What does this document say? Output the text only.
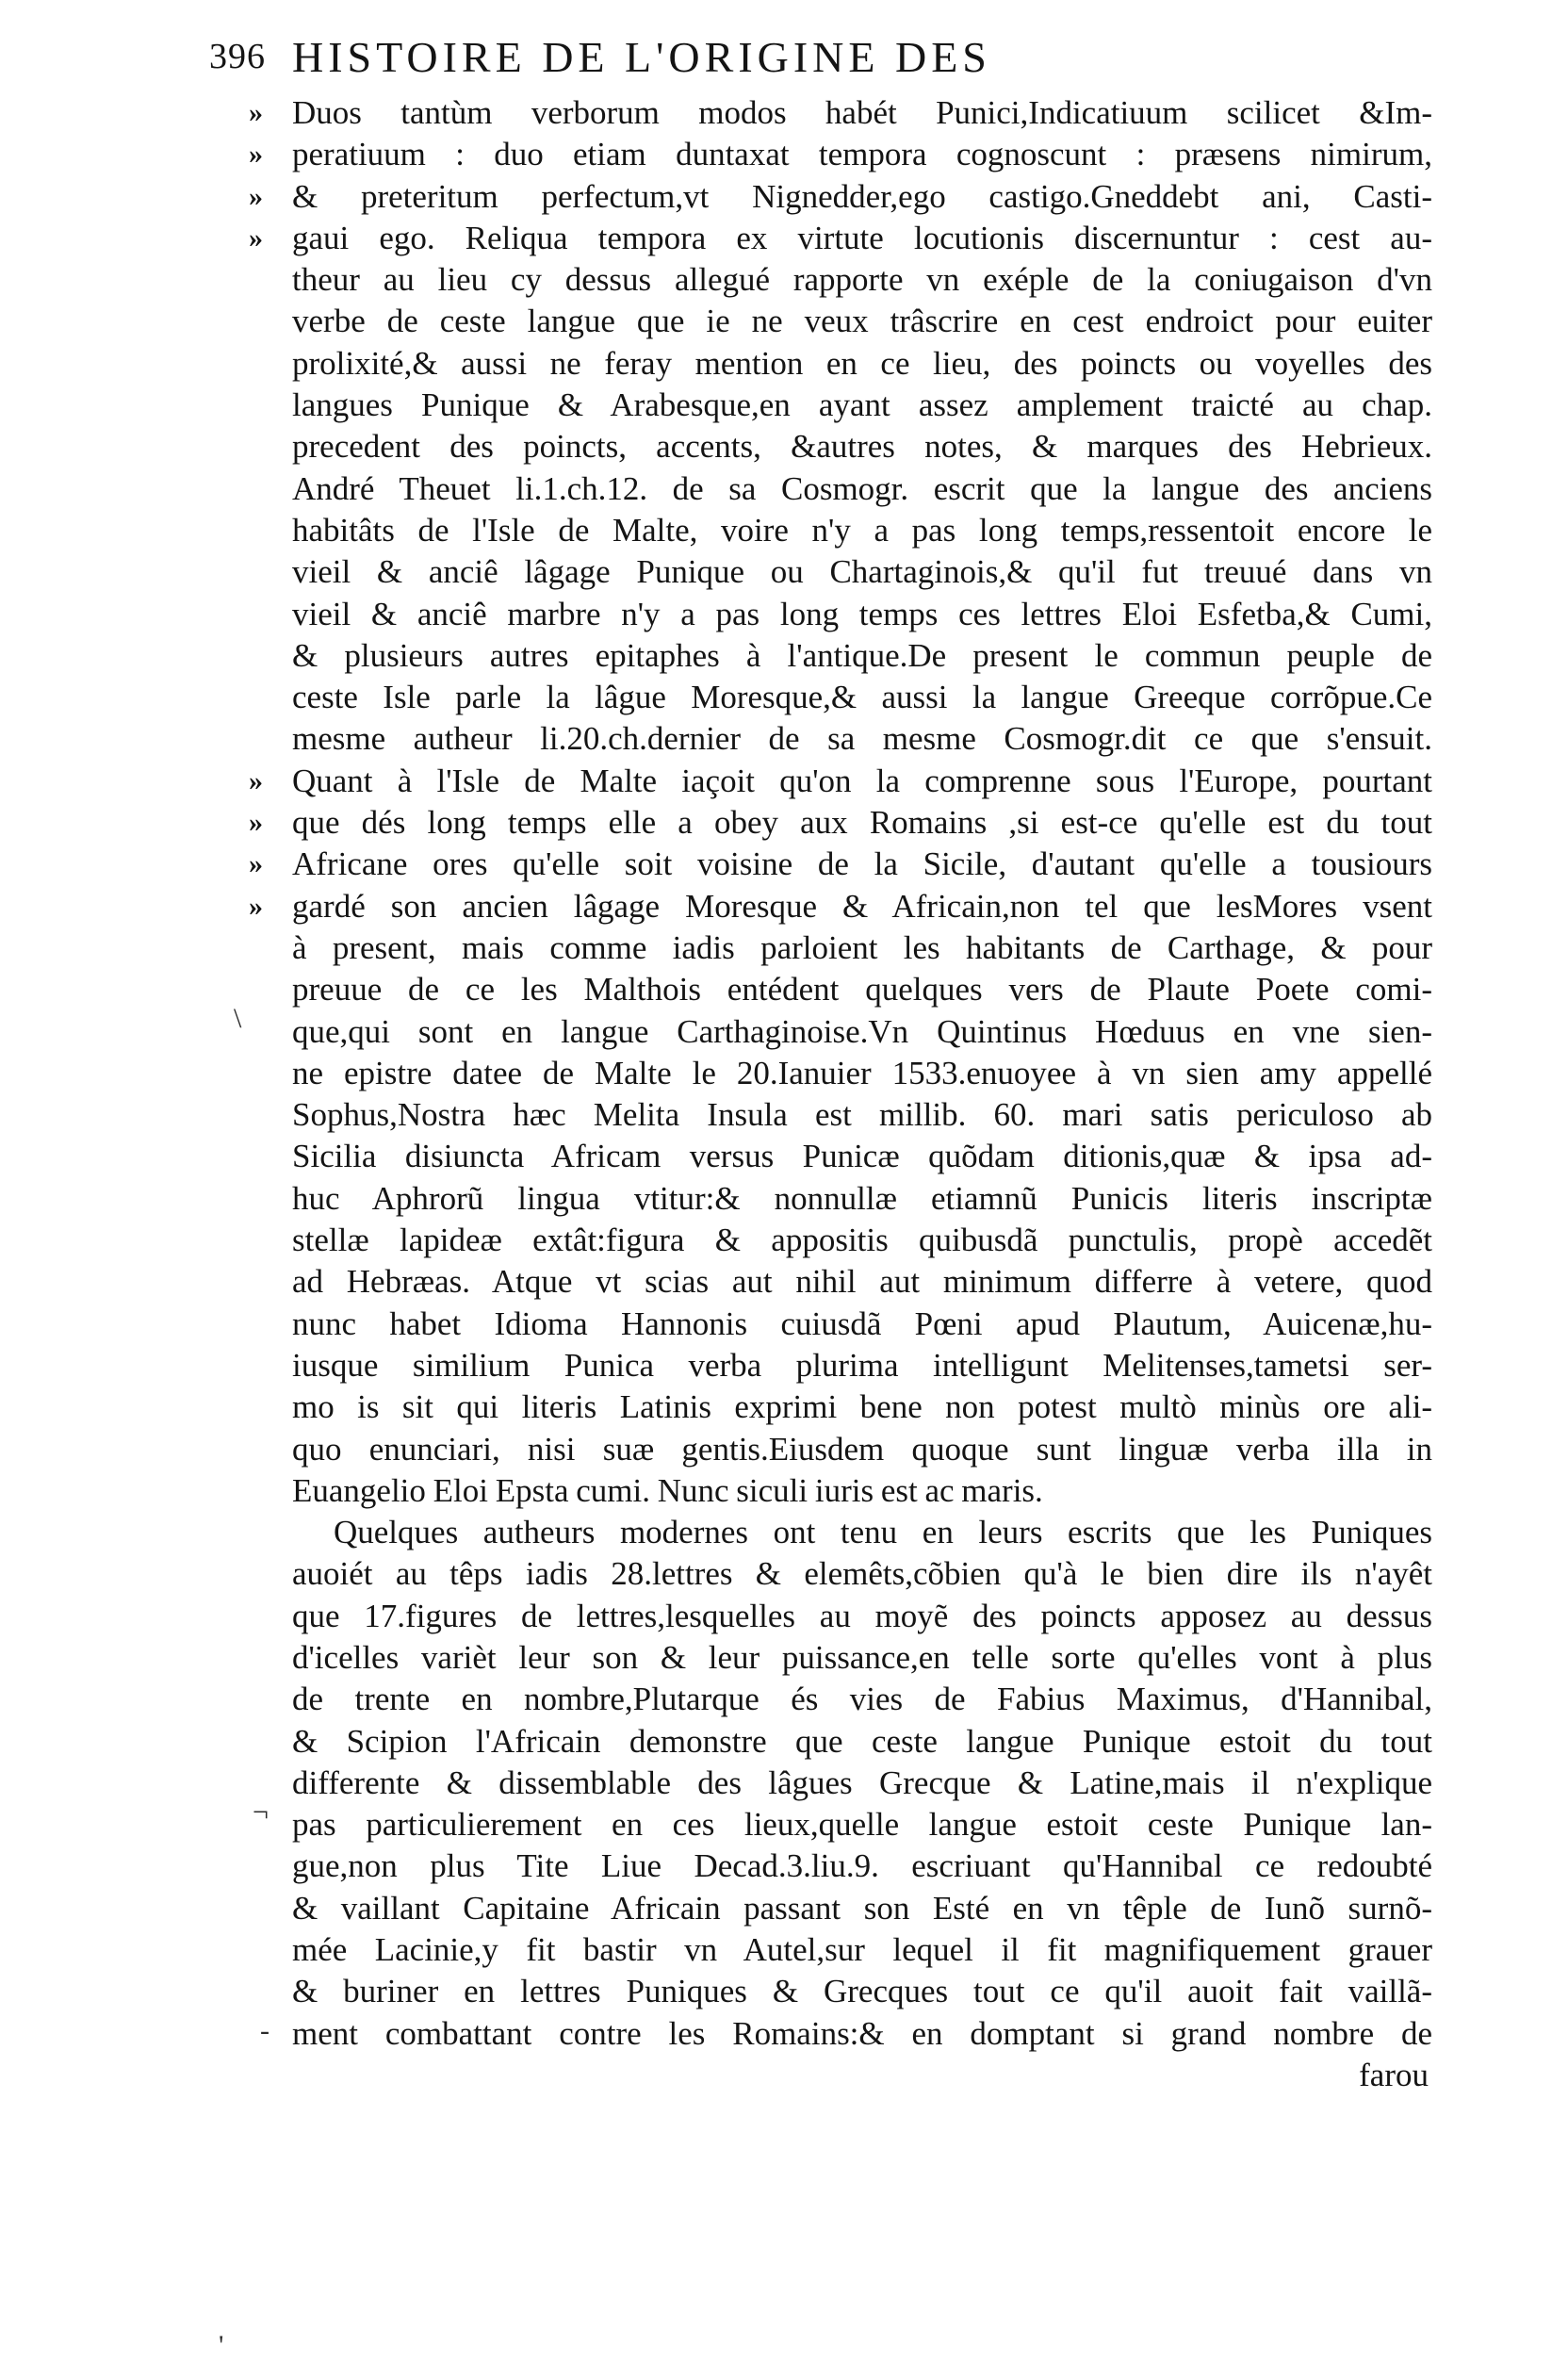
396 HISTOIRE DE L'ORIGINE DES
» Duos tantùm verborum modos habét Punici,Indicatiuum scilicet &Im-
» peratiuum : duo etiam duntaxat tempora cognoscunt : præsens nimirum,
» & preteritum perfectum,vt Nignedder,ego castigo.Gneddebt ani, Casti-
» gaui ego. Reliqua tempora ex virtute locutionis discernuntur : cest au-
theur au lieu cy dessus allegué rapporte vn exéple de la coniugaison d'vn
verbe de ceste langue que ie ne veux trâscrire en cest endroict pour euiter
prolixité,& aussi ne feray mention en ce lieu, des poincts ou voyelles des
langues Punique & Arabesque,en ayant assez amplement traicté au chap.
precedent des poincts, accents, &autres notes, & marques des Hebrieux.
André Theuet li.1.ch.12. de sa Cosmogr. escrit que la langue des anciens
habitâts de l'Isle de Malte, voire n'y a pas long temps,ressentoit encore le
vieil & anciê lâgage Punique ou Chartaginois,& qu'il fut treuué dans vn
vieil & anciê marbre n'y a pas long temps ces lettres Eloi Esfetba,& Cumi,
& plusieurs autres epitaphes à l'antique.De present le commun peuple de
ceste Isle parle la lâgue Moresque,& aussi la langue Greeque corrõpue.Ce
mesme autheur li.20.ch.dernier de sa mesme Cosmogr.dit ce que s'ensuit.
» Quant à l'Isle de Malte iaçoit qu'on la comprenne sous l'Europe, pourtant
» que dés long temps elle a obey aux Romains ,si est-ce qu'elle est du tout
» Africane ores qu'elle soit voisine de la Sicile, d'autant qu'elle a tousiours
» gardé son ancien lâgage Moresque & Africain,non tel que lesMores vsent
à present, mais comme iadis parloient les habitants de Carthage, & pour
preuue de ce les Malthois entédent quelques vers de Plaute Poete comi-
que,qui sont en langue Carthaginoise.Vn Quintinus Hœduus en vne sien-
ne epistre datee de Malte le 20.Ianuier 1533.enuoyee à vn sien amy appellé
Sophus,Nostra hæc Melita Insula est millib. 60. mari satis periculoso ab
Sicilia disiuncta Africam versus Punicæ quõdam ditionis,quæ & ipsa ad-
huc Aphrorũ lingua vtitur:& nonnullæ etiamnũ Punicis literis inscriptæ
stellæ lapideæ extât:figura & appositis quibusdã punctulis, propè accedẽt
ad Hebræas. Atque vt scias aut nihil aut minimum differre à vetere, quod
nunc habet Idioma Hannonis cuiusdã Pœni apud Plautum, Auicenæ,hu-
iusque similium Punica verba plurima intelligunt Melitenses,tametsi ser-
mo is sit qui literis Latinis exprimi bene non potest multò minùs ore ali-
quo enunciari, nisi suæ gentis.Eiusdem quoque sunt linguæ verba illa in
Euangelio Eloi Epsta cumi. Nunc siculi iuris est ac maris.
Quelques autheurs modernes ont tenu en leurs escrits que les Puniques
auoiét au têps iadis 28.lettres & elemêts,cõbien qu'à le bien dire ils n'ayêt
que 17.figures de lettres,lesquelles au moyẽ des poincts apposez au dessus
d'icelles varièt leur son & leur puissance,en telle sorte qu'elles vont à plus
de trente en nombre,Plutarque és vies de Fabius Maximus, d'Hannibal,
& Scipion l'Africain demonstre que ceste langue Punique estoit du tout
differente & dissemblable des lâgues Grecque & Latine,mais il n'explique
pas particulierement en ces lieux,quelle langue estoit ceste Punique lan-
gue,non plus Tite Liue Decad.3.liu.9. escriuant qu'Hannibal ce redoubté
& vaillant Capitaine Africain passant son Esté en vn têple de Iunõ surnõ-
mée Lacinie,y fit bastir vn Autel,sur lequel il fit magnifiquement grauer
& buriner en lettres Puniques & Grecques tout ce qu'il auoit fait vaillã-
ment combattant contre les Romains:& en domptant si grand nombre de
farou
\
¬
-
'
